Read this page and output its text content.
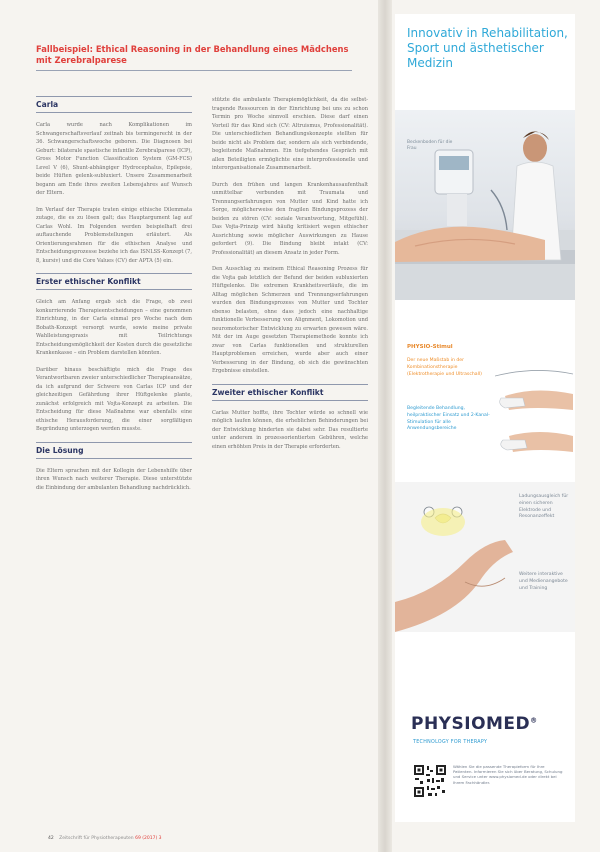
Fallbeispiel: Ethical Reasoning in der Behandlung eines Mädchens mit Zerebralparese
Carla

Carla wurde nach Komplikationen im Schwangerschaftsverlauf zeitnah bis termingerecht in der 36. Schwangerschaftswoche geboren. Die Diagnosen bei Geburt: bilaterale spastische infantile Zerebralparese (ICP), Gross Motor Function Classification System (GM-FCS) Level V (6), Shunt-abhängiger Hydrocephalus, Epilepsie, beide Hüften gelenk-subluxiert. Unsere Zusammenarbeit begann am Ende ihres zweiten Lebensjahres auf Wunsch der Eltern.

Im Verlauf der Therapie traten einige ethische Dilemmata zutage, die es zu lösen galt; das Hauptargument lag auf Carlas Wohl. Im Folgenden werden beispielhaft drei auftauchende Problemstellungen erläutert. Als Orientierungsrahmen für die ethischen Analyse und Entscheidungsprozesse beziehe ich das ISNLSS-Konzept (7, 8, kursiv) und die Core Values (CV) der APTA (5) ein.

Erster ethischer Konflikt

Gleich am Anfang ergab sich die Frage, ob zwei konkurrierende Therapieentscheidungen – eine genommen Einrichtung, in der Carla einmal pro Woche nach dem Bobath-Konzept versorgt wurde, sowie meine private Wahlleistungspraxis mit Teilrichtungs Entscheidungsmöglichkeit der Kosten durch die gesetzliche Krankenkasse – ein Problem darstellen könnten.

Darüber hinaus beschäftigte mich die Frage des Verantwortbaren zweier unterschiedlicher Therapieansätze, da ich aufgrund der Schwere von Carlas ICP und der gleichzeitigen Gefährdung ihrer Hüftgelenke plante, zunächst erfolgreich mit Vojta-Konzept zu arbeiten. Die Entscheidung für diese Maßnahme war ebenfalls eine ethische Herausforderung, die einer sorgfältigen Begründung unterzogen werden musste.

Die Lösung

Die Eltern sprachen mit der Kollegin der Lebenshilfe über ihren Wunsch nach weiterer Therapie. Diese unterstützte die Einbindung der ambulanten Behandlung nachdrücklich.

stützte die ambulante Therapiemöglichkeit, da die selbst-tragende Ressourcen in der Einrichtung bei uns zu schon Termin pro Woche sinnvoll erschien. Diese darf einen Vorteil für das Kind sich (CV: Altruismus, Professionalität). Die unterschiedlichen Behandlungskonzepte stellten für beide nicht als Problem dar, sondern als sich verbindende, begleitende Maßnahmen. Ein tiefgehendes Gespräch mit allen Beteiligten ermöglichte eine interprofessionelle und interorganisationale Zusammenarbeit.

Durch den frühen und langen Krankenhausaufenthalt unmittelbar verbunden mit Traumata und Trennungserfahrungen von Mutter und Kind hatte ich Sorge, möglicherweise den fragilen Bindungsprozess der beiden zu stören (CV: soziale Verantwortung, Mitgefühl). Das Vojta-Prinzip wird häufig kritisiert wegen ethischer Ausrichtung sowie möglicher Auswirkungen zu Hause gefordert (9). Die Bindung bleibt intakt (CV: Professionalität) an diesem Ansatz in jeder Form.

Den Ausschlag zu meinem Ethical Reasoning Prozess für die Vojta gab letztlich der Befund der beiden subluxierten Hüftgelenke. Die extremen Krankheitsverläufe, die im Alltag möglichen Schmerzen und Trennungserfahrungen wurden den Bindungsprozess von Mutter und Tochter ebenso belasten, ohne dass jedoch eine nachhaltige funktionelle Verbesserung von Alignment, Lokomotion und neuromotorischer Entwicklung zu erwarten gewesen wäre. Mit der im Auge gesetzten Therapiemethode konnte ich zwar von Carlas funktionellen und strukturellen Hauptproblemen erreichen, wurde aber auch einer Verbesserung in der Bindung, ob sich die gewünschten Ergebnisse einstellen.

Zweiter ethischer Konflikt

Carlas Mutter hoffte, ihre Tochter würde so schnell wie möglich laufen können, die erheblichen Behinderungen bei der Entwicklung hinderten sie dabei sehr. Das resultierte unter anderem in prozessorientierten Gebühren, welche einen erhöhten Preis in der Therapie erforderten.

42 Zeitschrift für Physiotherapeuten 69 (2017) 3
Innovativ in Rehabilitation, Sport und ästhetischer Medizin
Beckenboden für die Frau
PHYSIO-Stimul
Der neue Maßstab in der Kombinationstherapie (Elektrotherapie und Ultraschall)
Begleitende Behandlung, heilpraktischer Einsatz und 2-Kanal-Stimulation für alle Anwendungsbereiche
Ladungsausgleich für einen sicheren Elektrode und Resonanzeffekt
Weitere interaktive und Medienangebote und Training
PHYSIOMED®
TECHNOLOGY FOR THERAPY
Wählen Sie die passende Therapieform für Ihre Patienten. Informieren Sie sich über Beratung, Schulung und Service unter www.physiomed.de oder direkt bei Ihrem Fachhändler.
